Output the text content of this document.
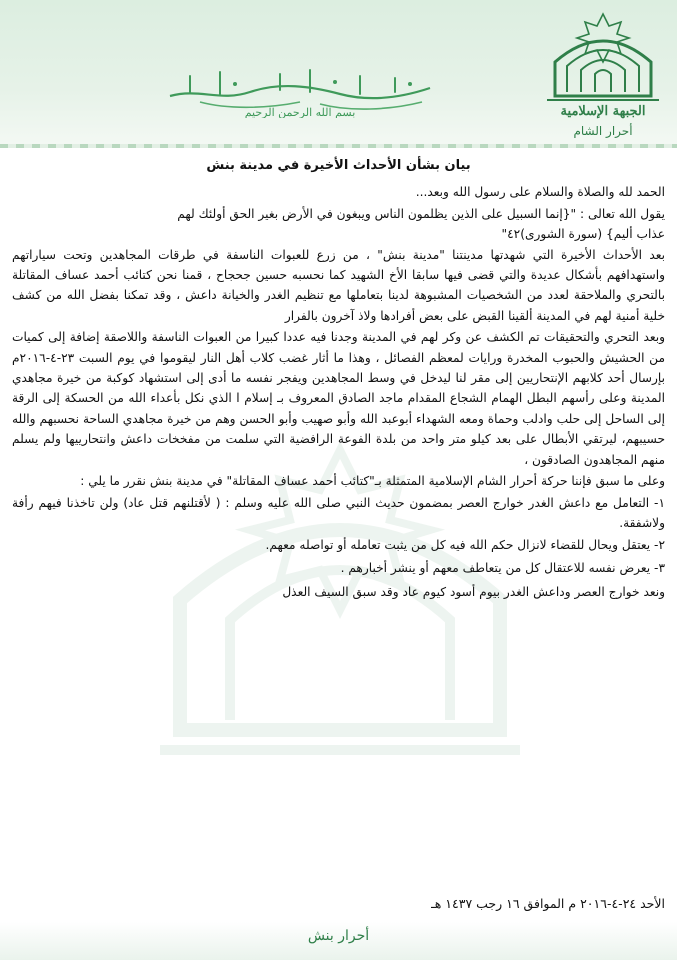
بسم الله الرحمن الرحيم	الجبهة الإسلامية
أحرار الشام
بيان بشأن الأحداث الأخيرة في مدينة بنش

الحمد لله والصلاة والسلام على رسول الله وبعد...

يقول الله تعالى : "{إنما السبيل على الذين يظلمون الناس ويبغون في الأرض بغير الحق أولئك لهم

عذاب أليم} (سورة الشورى)٤٢"

بعد الأحداث الأخيرة التي شهدتها مدينتنا "مدينة بنش" ، من زرع للعبوات الناسفة في طرقات المجاهدين وتحت سياراتهم واستهدافهم بأشكال عديدة والتي قضى فيها سابقا الأخ الشهيد كما نحسبه حسين جحجاح ، قمنا نحن كتائب أحمد عساف المقاتلة بالتحري والملاحقة لعدد من الشخصيات المشبوهة لدينا بتعاملها مع تنظيم الغدر والخيانة داعش ، وقد تمكنا بفضل الله من كشف خلية أمنية لهم في المدينة ألقينا القبض على بعض أفرادها ولاذ آخرون بالفرار

وبعد التحري والتحقيقات تم الكشف عن وكر لهم في المدينة وجدنا فيه عددا كبيرا من العبوات الناسفة واللاصقة إضافة إلى كميات من الحشيش والحبوب المخدرة ورايات لمعظم الفصائل ، وهذا ما أثار غضب كلاب أهل النار ليقوموا في يوم السبت ٢٣-٤-٢٠١٦م بإرسال أحد كلابهم الإنتحاريين إلى مقر لنا ليدخل في وسط المجاهدين ويفجر نفسه ما أدى إلى استشهاد كوكبة من خيرة مجاهدي المدينة وعلى رأسهم البطل الهمام الشجاع المقدام ماجد الصادق المعروف بـ إسلام ا الذي نكل بأعداء الله من الحسكة إلى الرقة إلى الساحل إلى حلب وادلب وحماة ومعه الشهداء أبوعبد الله وأبو صهيب وأبو الحسن وهم من خيرة مجاهدي الساحة نحسبهم والله حسيبهم، ليرتقي الأبطال على بعد كيلو متر واحد من بلدة الفوعة الرافضية التي سلمت من مفخخات داعش وانتحارييها ولم يسلم منهم المجاهدون الصادقون ،

وعلى ما سبق فإننا حركة أحرار الشام الإسلامية المتمثلة بـ"كتائب أحمد عساف المقاتلة" في مدينة بنش نقرر ما يلي :

١- التعامل مع داعش الغدر خوارج العصر بمضمون حديث النبي صلى الله عليه وسلم : ( لأقتلنهم قتل عاد) ولن تاخذنا فيهم رأفة ولاشفقة.

٢- يعتقل ويحال للقضاء لانزال حكم الله فيه كل من يثبت تعامله أو تواصله معهم.

٣- يعرض نفسه للاعتقال كل من يتعاطف معهم أو ينشر أخبارهم .

ونعد خوارج العصر وداعش الغدر بيوم أسود كيوم عاد وقد سبق السيف العذل

الأحد ٢٤-٤-٢٠١٦ م الموافق ١٦ رجب ١٤٣٧ هـ
أحرار بنش
